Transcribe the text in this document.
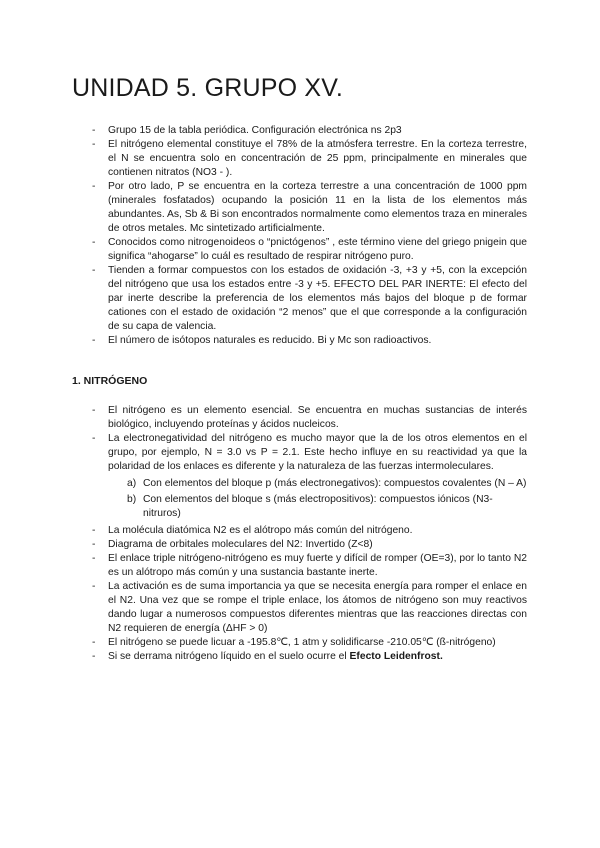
UNIDAD 5. GRUPO XV.
- Grupo 15 de la tabla periódica. Configuración electrónica ns 2p3
- El nitrógeno elemental constituye el 78% de la atmósfera terrestre. En la corteza terrestre, el N se encuentra solo en concentración de 25 ppm, principalmente en minerales que contienen nitratos (NO3 - ).
- Por otro lado, P se encuentra en la corteza terrestre a una concentración de 1000 ppm (minerales fosfatados) ocupando la posición 11 en la lista de los elementos más abundantes. As, Sb & Bi son encontrados normalmente como elementos traza en minerales de otros metales. Mc sintetizado artificialmente.
- Conocidos como nitrogenoideos o “pnictógenos” , este término viene del griego pnigein que significa “ahogarse” lo cuál es resultado de respirar nitrógeno puro.
- Tienden a formar compuestos con los estados de oxidación -3, +3 y +5, con la excepción del nitrógeno que usa los estados entre -3 y +5. EFECTO DEL PAR INERTE: El efecto del par inerte describe la preferencia de los elementos más bajos del bloque p de formar cationes con el estado de oxidación “2 menos” que el que corresponde a la configuración de su capa de valencia.
- El número de isótopos naturales es reducido. Bi y Mc son radioactivos.
1. NITRÓGENO
- El nitrógeno es un elemento esencial. Se encuentra en muchas sustancias de interés biológico, incluyendo proteínas y ácidos nucleicos.
- La electronegatividad del nitrógeno es mucho mayor que la de los otros elementos en el grupo, por ejemplo, N = 3.0 vs P = 2.1. Este hecho influye en su reactividad ya que la polaridad de los enlaces es diferente y la naturaleza de las fuerzas intermoleculares.
a) Con elementos del bloque p (más electronegativos): compuestos covalentes (N – A)
b) Con elementos del bloque s (más electropositivos): compuestos iónicos (N3- nitruros)
- La molécula diatómica N2 es el alótropo más común del nitrógeno.
- Diagrama de orbitales moleculares del N2: Invertido (Z<8)
- El enlace triple nitrógeno-nitrógeno es muy fuerte y difícil de romper (OE=3), por lo tanto N2 es un alótropo más común y una sustancia bastante inerte.
- La activación es de suma importancia ya que se necesita energía para romper el enlace en el N2. Una vez que se rompe el triple enlace, los átomos de nitrógeno son muy reactivos dando lugar a numerosos compuestos diferentes mientras que las reacciones directas con N2 requieren de energía (ΔHF > 0)
- El nitrógeno se puede licuar a -195.8℃, 1 atm y solidificarse -210.05℃ (ß-nitrógeno)
- Si se derrama nitrógeno líquido en el suelo ocurre el Efecto Leidenfrost.
